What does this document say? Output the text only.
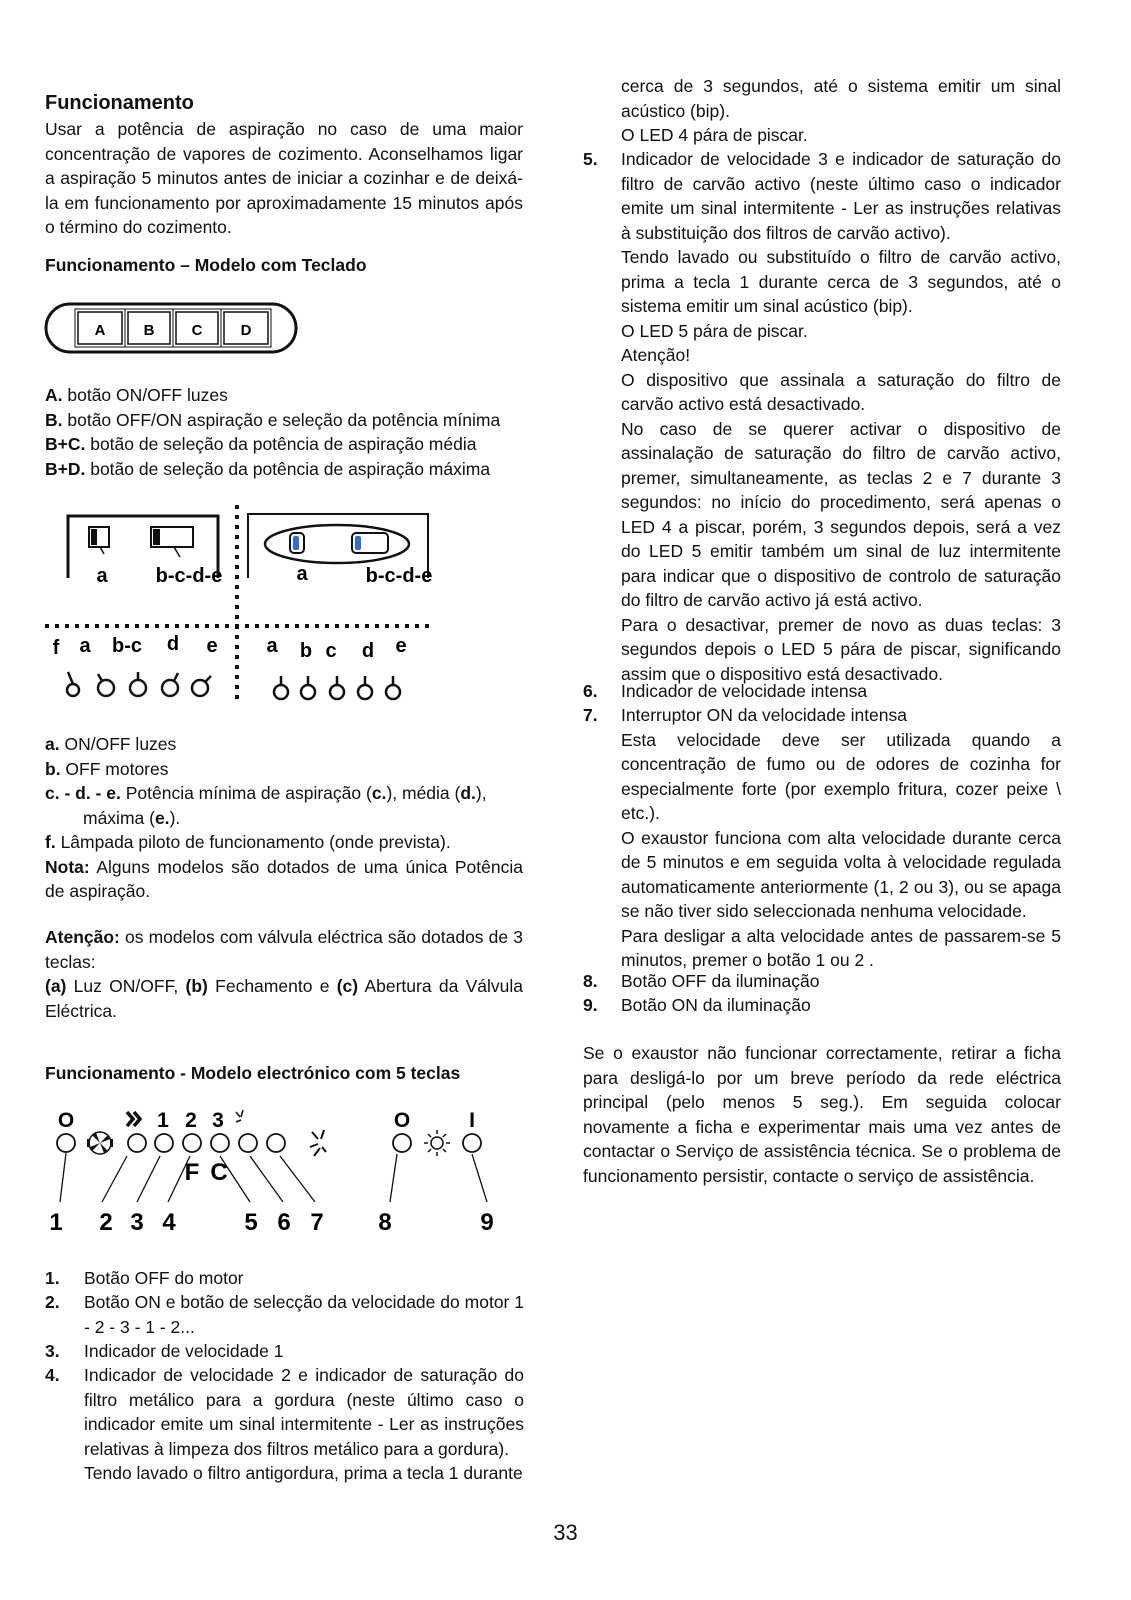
Funcionamento

Usar a potência de aspiração no caso de uma maior concentração de vapores de cozimento. Aconselhamos ligar a aspiração 5 minutos antes de iniciar a cozinhar e de deixá-la em funcionamento por aproximadamente 15 minutos após o término do cozimento.

Funcionamento – Modelo com Teclado
A	B C	D
A. botão ON/OFF luzes
B. botão OFF/ON aspiração e seleção da potência mínima
B+C. botão de seleção da potência de aspiração média
B+D. botão de seleção da potência de aspiração máxima
a b-c-d-e	a	b-c-d-e
f a b-c d e a b c d e
a. ON/OFF luzes
b. OFF motores
c. - d. - e. Potência mínima de aspiração (c.), média (d.),
máxima (e.).
f. Lâmpada piloto de funcionamento (onde prevista).
Nota: Alguns modelos são dotados de uma única Potência de aspiração.
Atenção: os modelos com válvula eléctrica são dotados de 3 teclas:
(a) Luz ON/OFF, (b) Fechamento e (c) Abertura da Válvula Eléctrica.
Funcionamento - Modelo electrónico com 5 teclas
O	1 2 3	O	I
F C
1 2 3 4	5 6 7 8	9
1. Botão OFF do motor
2. Botão ON e botão de selecção da velocidade do motor 1 - 2 - 3 - 1 - 2...
3. Indicador de velocidade 1
4. Indicador de velocidade 2 e indicador de saturação do filtro metálico para a gordura (neste último caso o indicador emite um sinal intermitente - Ler as instruções relativas à limpeza dos filtros metálico para a gordura).
Tendo lavado o filtro antigordura, prima a tecla 1 durante
cerca de 3 segundos, até o sistema emitir um sinal acústico (bip).
O LED 4 pára de piscar.
5. Indicador de velocidade 3 e indicador de saturação do filtro de carvão activo (neste último caso o indicador emite um sinal intermitente - Ler as instruções relativas à substituição dos filtros de carvão activo).
Tendo lavado ou substituído o filtro de carvão activo, prima a tecla 1 durante cerca de 3 segundos, até o sistema emitir um sinal acústico (bip).
O LED 5 pára de piscar.
Atenção!
O dispositivo que assinala a saturação do filtro de carvão activo está desactivado.
No caso de se querer activar o dispositivo de assinalação de saturação do filtro de carvão activo, premer, simultaneamente, as teclas 2 e 7 durante 3 segundos: no início do procedimento, será apenas o LED 4 a piscar, porém, 3 segundos depois, será a vez do LED 5 emitir também um sinal de luz intermitente para indicar que o dispositivo de controlo de saturação do filtro de carvão activo já está activo.
Para o desactivar, premer de novo as duas teclas: 3 segundos depois o LED 5 pára de piscar, significando assim que o dispositivo está desactivado.
6. Indicador de velocidade intensa
7. Interruptor ON da velocidade intensa
Esta velocidade deve ser utilizada quando a concentração de fumo ou de odores de cozinha for especialmente forte (por exemplo fritura, cozer peixe \ etc.).
O exaustor funciona com alta velocidade durante cerca de 5 minutos e em seguida volta à velocidade regulada automaticamente anteriormente (1, 2 ou 3), ou se apaga se não tiver sido seleccionada nenhuma velocidade.
Para desligar a alta velocidade antes de passarem-se 5 minutos, premer o botão 1 ou 2 .
8. Botão OFF da iluminação
9. Botão ON da iluminação

Se o exaustor não funcionar correctamente, retirar a ficha para desligá-lo por um breve período da rede eléctrica principal (pelo menos 5 seg.). Em seguida colocar novamente a ficha e experimentar mais uma vez antes de contactar o Serviço de assistência técnica. Se o problema de funcionamento persistir, contacte o serviço de assistência.

33
